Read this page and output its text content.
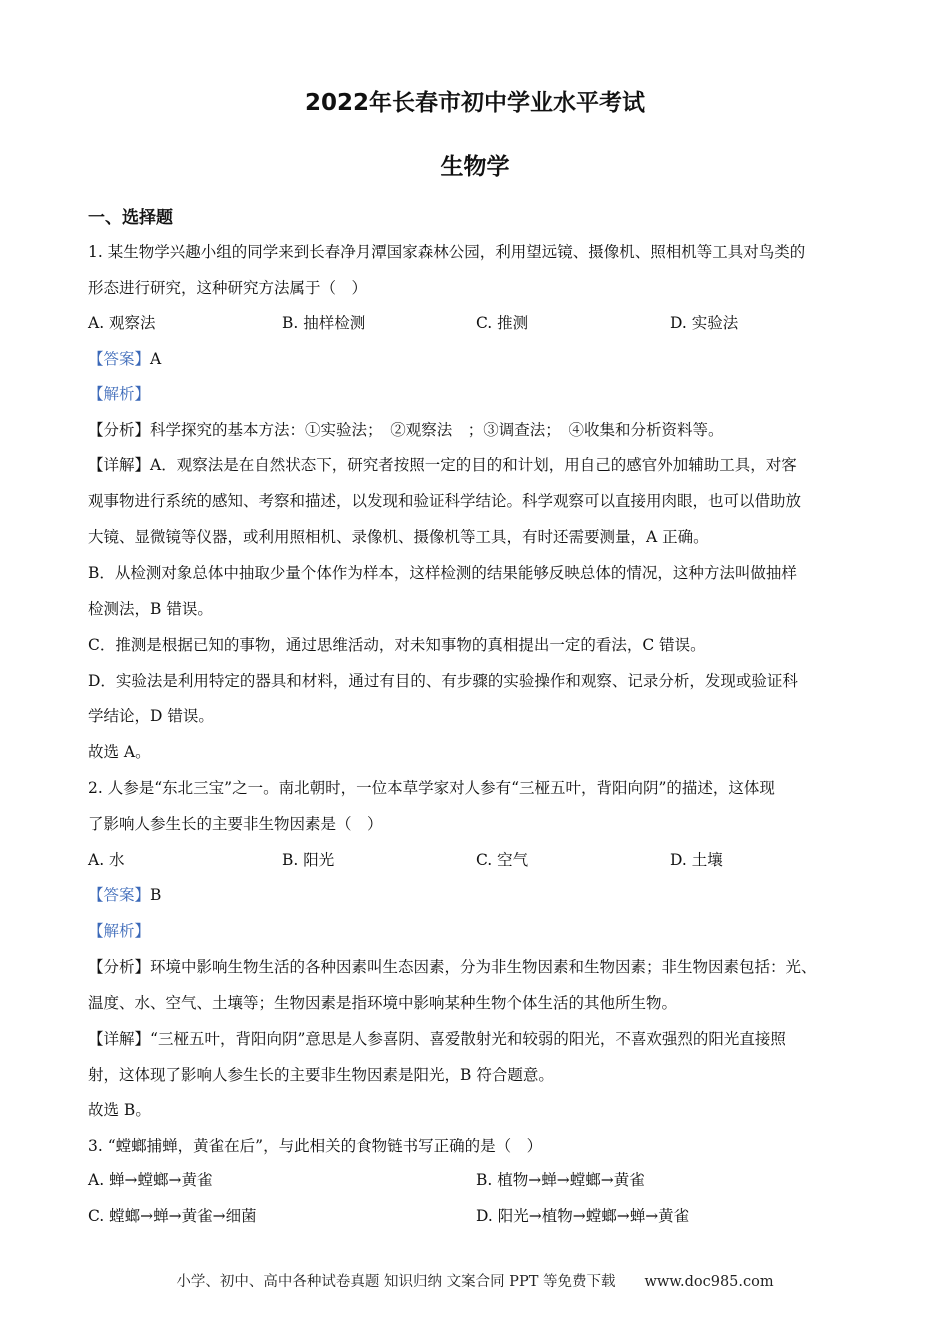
2022年长春市初中学业水平考试
生物学
一、选择题
1. 某生物学兴趣小组的同学来到长春净月潭国家森林公园，利用望远镜、摄像机、照相机等工具对鸟类的
形态进行研究，这种研究方法属于（　）
A. 观察法	B. 抽样检测	C. 推测	D. 实验法
【答案】A
【解析】
【分析】科学探究的基本方法：①实验法；　②观察法　；③调查法；　④收集和分析资料等。
【详解】A．观察法是在自然状态下，研究者按照一定的目的和计划，用自己的感官外加辅助工具，对客
观事物进行系统的感知、考察和描述，以发现和验证科学结论。科学观察可以直接用肉眼，也可以借助放
大镜、显微镜等仪器，或利用照相机、录像机、摄像机等工具，有时还需要测量，A 正确。
B．从检测对象总体中抽取少量个体作为样本，这样检测的结果能够反映总体的情况，这种方法叫做抽样
检测法，B 错误。
C．推测是根据已知的事物，通过思维活动，对未知事物的真相提出一定的看法，C 错误。
D．实验法是利用特定的器具和材料，通过有目的、有步骤的实验操作和观察、记录分析，发现或验证科
学结论，D 错误。
故选 A。
2. 人参是“东北三宝”之一。南北朝时，一位本草学家对人参有“三桠五叶，背阳向阴”的描述，这体现
了影响人参生长的主要非生物因素是（　）
A. 水	B. 阳光	C. 空气	D. 土壤
【答案】B
【解析】
【分析】环境中影响生物生活的各种因素叫生态因素，分为非生物因素和生物因素；非生物因素包括：光、
温度、水、空气、土壤等；生物因素是指环境中影响某种生物个体生活的其他所生物。
【详解】“三桠五叶，背阳向阴”意思是人参喜阴、喜爱散射光和较弱的阳光，不喜欢强烈的阳光直接照
射，这体现了影响人参生长的主要非生物因素是阳光，B 符合题意。
故选 B。
3. “螳螂捕蝉，黄雀在后”，与此相关的食物链书写正确的是（　）
A. 蝉→螳螂→黄雀	B. 植物→蝉→螳螂→黄雀
C. 螳螂→蝉→黄雀→细菌	D. 阳光→植物→螳螂→蝉→黄雀
小学、初中、高中各种试卷真题 知识归纳 文案合同 PPT 等免费下载　　www.doc985.com
